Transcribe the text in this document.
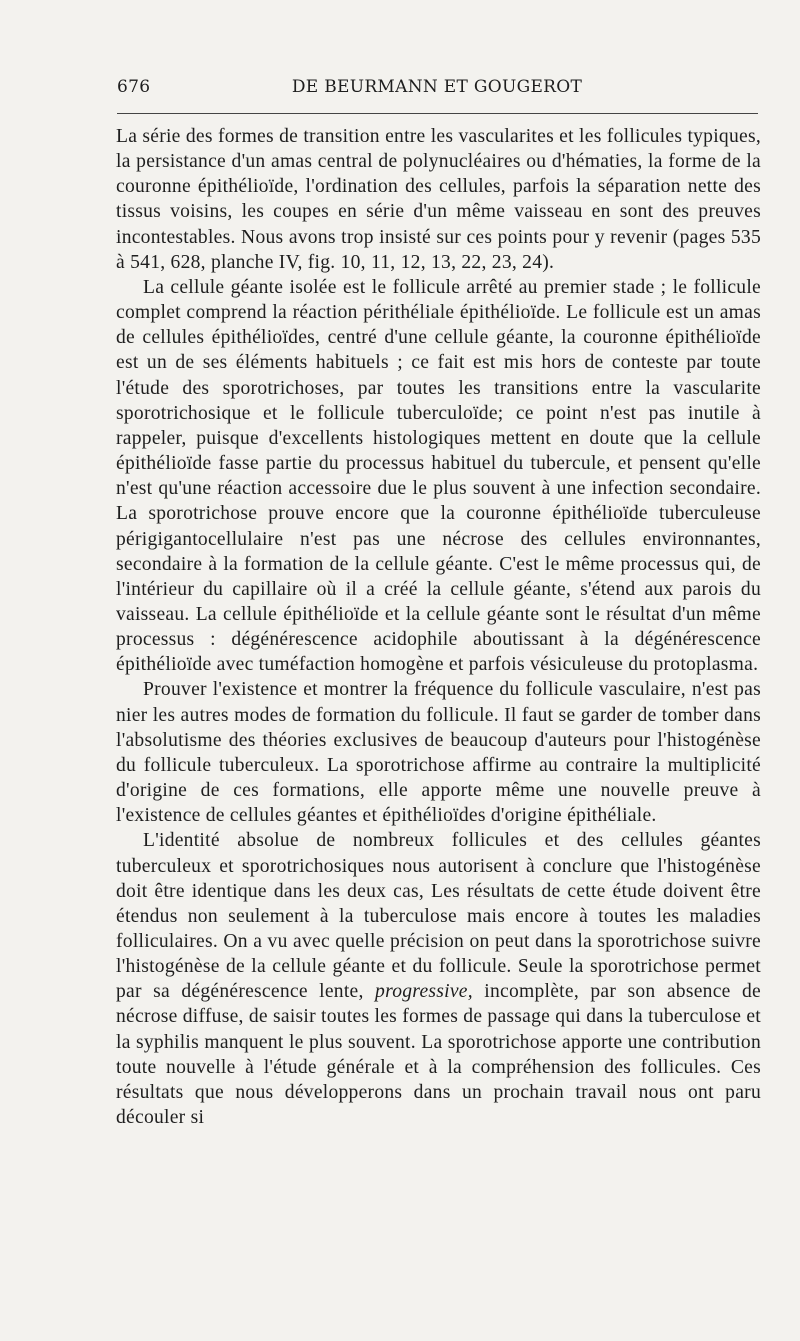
676	DE BEURMANN ET GOUGEROT

La série des formes de transition entre les vascularites et les follicules typiques, la persistance d'un amas central de polynucléaires ou d'hématies, la forme de la couronne épithélioïde, l'ordination des cellules, parfois la séparation nette des tissus voisins, les coupes en série d'un même vaisseau en sont des preuves incontestables. Nous avons trop insisté sur ces points pour y revenir (pages 535 à 541, 628, planche IV, fig. 10, 11, 12, 13, 22, 23, 24).

La cellule géante isolée est le follicule arrêté au premier stade ; le follicule complet comprend la réaction périthéliale épithélioïde. Le follicule est un amas de cellules épithélioïdes, centré d'une cellule géante, la couronne épithélioïde est un de ses éléments habituels ; ce fait est mis hors de conteste par toute l'étude des sporotrichoses, par toutes les transitions entre la vascularite sporotrichosique et le follicule tuberculoïde; ce point n'est pas inutile à rappeler, puisque d'excellents histologiques mettent en doute que la cellule épithélioïde fasse partie du processus habituel du tubercule, et pensent qu'elle n'est qu'une réaction accessoire due le plus souvent à une infection secondaire. La sporotrichose prouve encore que la couronne épithélioïde tuberculeuse périgigantocellulaire n'est pas une nécrose des cellules environnantes, secondaire à la formation de la cellule géante. C'est le même processus qui, de l'intérieur du capillaire où il a créé la cellule géante, s'étend aux parois du vaisseau. La cellule épithélioïde et la cellule géante sont le résultat d'un même processus : dégénérescence acidophile aboutissant à la dégénérescence épithélioïde avec tuméfaction homogène et parfois vésiculeuse du protoplasma.

Prouver l'existence et montrer la fréquence du follicule vasculaire, n'est pas nier les autres modes de formation du follicule. Il faut se garder de tomber dans l'absolutisme des théories exclusives de beaucoup d'auteurs pour l'histogénèse du follicule tuberculeux. La sporotrichose affirme au contraire la multiplicité d'origine de ces formations, elle apporte même une nouvelle preuve à l'existence de cellules géantes et épithélioïdes d'origine épithéliale.

L'identité absolue de nombreux follicules et des cellules géantes tuberculeux et sporotrichosiques nous autorisent à conclure que l'histogénèse doit être identique dans les deux cas, Les résultats de cette étude doivent être étendus non seulement à la tuberculose mais encore à toutes les maladies folliculaires. On a vu avec quelle précision on peut dans la sporotrichose suivre l'histogénèse de la cellule géante et du follicule. Seule la sporotrichose permet par sa dégénérescence lente, progressive, incomplète, par son absence de nécrose diffuse, de saisir toutes les formes de passage qui dans la tuberculose et la syphilis manquent le plus souvent. La sporotrichose apporte une contribution toute nouvelle à l'étude générale et à la compréhension des follicules. Ces résultats que nous développerons dans un prochain travail nous ont paru découler si
